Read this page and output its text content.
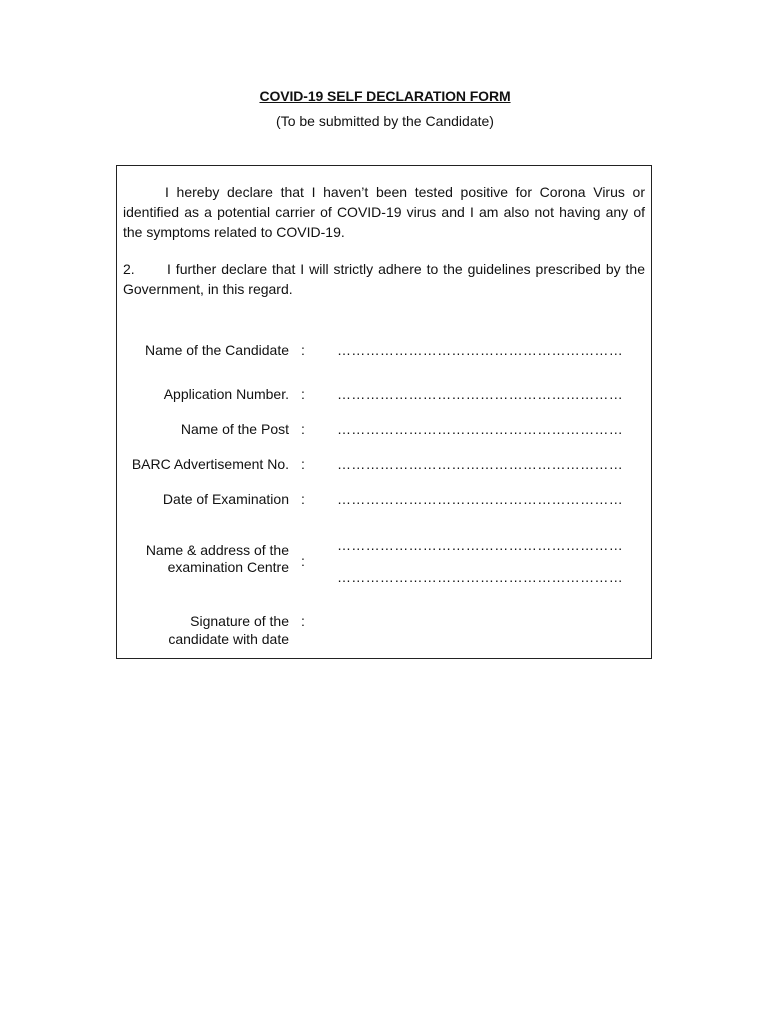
COVID-19 SELF DECLARATION FORM
(To be submitted by the Candidate)

I hereby declare that I haven’t been tested positive for Corona Virus or identified as a potential carrier of COVID-19 virus and I am also not having any of the symptoms related to COVID-19.

2. I further declare that I will strictly adhere to the guidelines prescribed by the Government, in this regard.

Name of the Candidate : ……………………………………………………
Application Number. : ……………………………………………………
Name of the Post : ……………………………………………………
BARC Advertisement No. : ……………………………………………………
Date of Examination : ……………………………………………………
Name & address of the
examination Centre :
……………………………………………………
……………………………………………………
Signature of the
candidate with date
:
